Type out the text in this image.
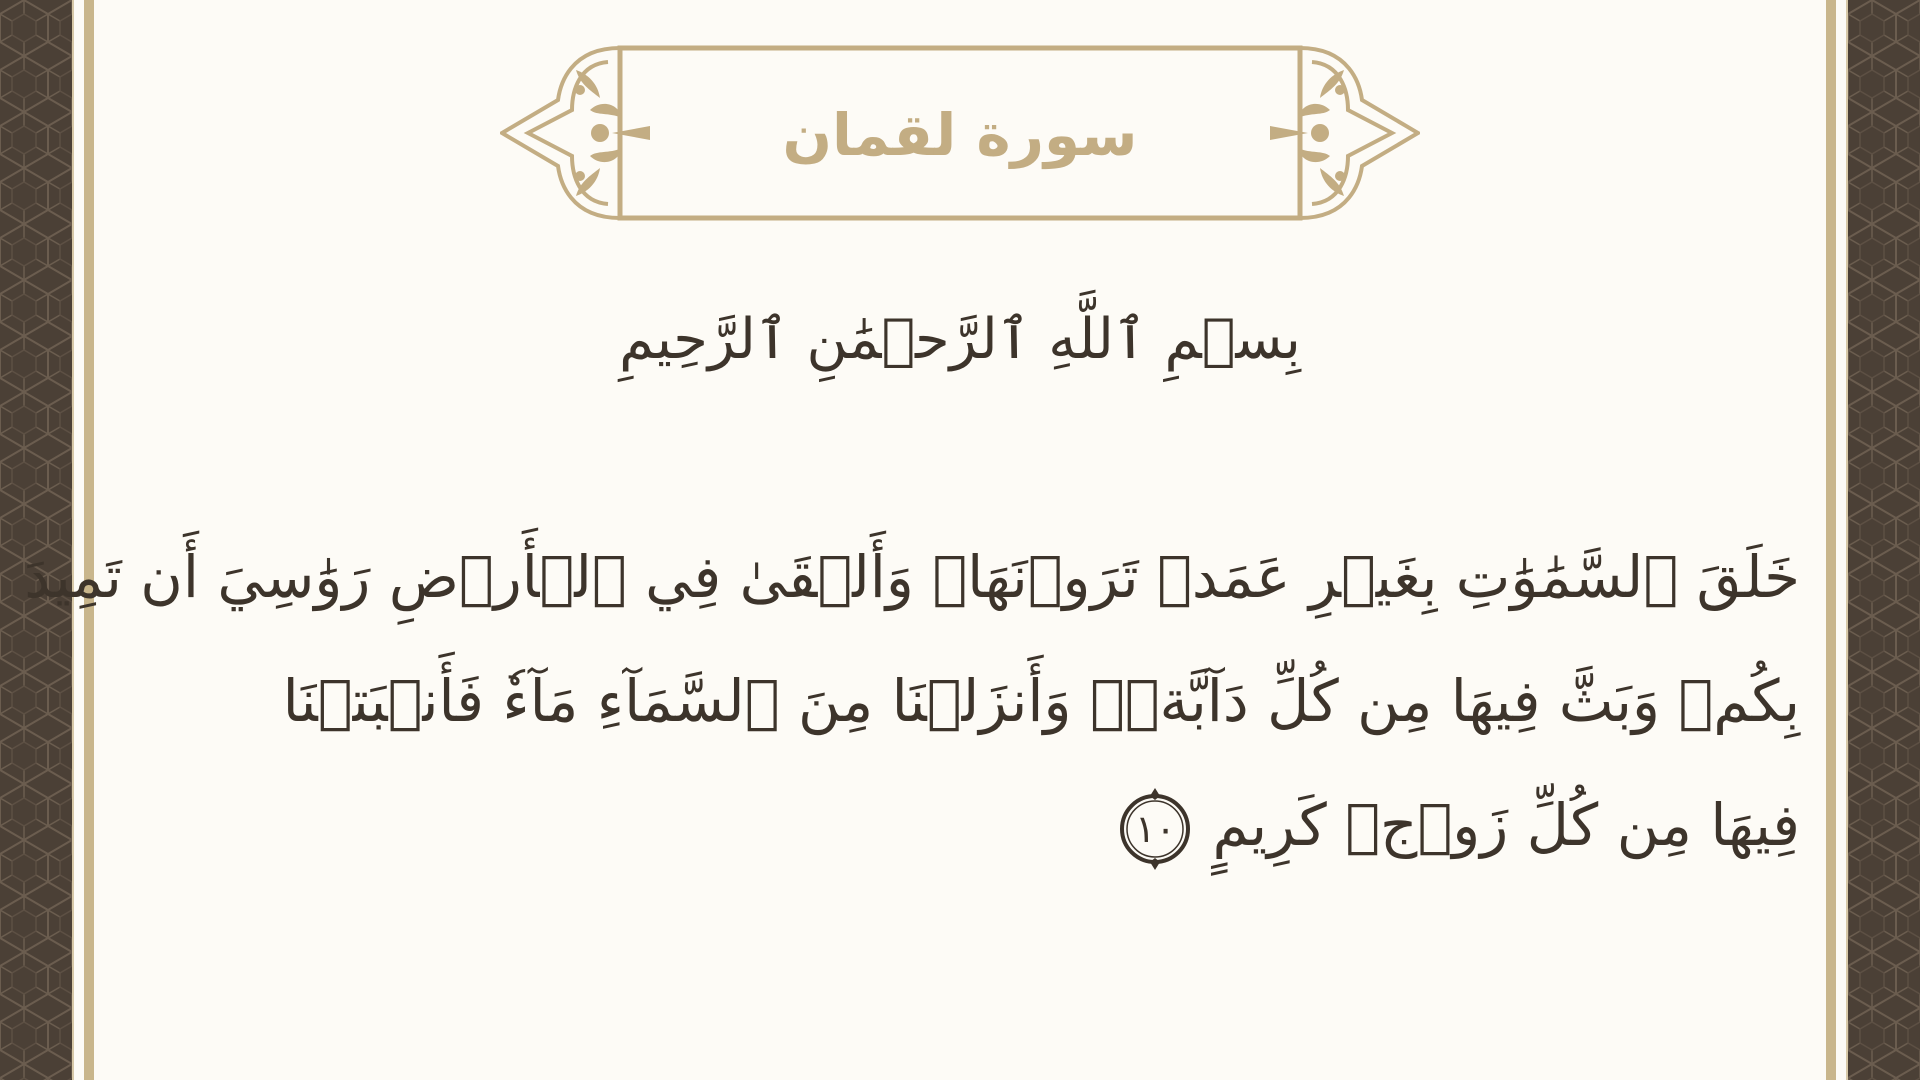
سورة لقمان
بِسۡمِ ٱللَّهِ ٱلرَّحۡمَٰنِ ٱلرَّحِيمِ
خَلَقَ ٱلسَّمَٰوَٰتِ بِغَيۡرِ عَمَدٖ تَرَوۡنَهَاۖ وَأَلۡقَىٰ فِي ٱلۡأَرۡضِ رَوَٰسِيَ أَن تَمِيدَ
بِكُمۡ وَبَثَّ فِيهَا مِن كُلِّ دَآبَّةٖۚ وَأَنزَلۡنَا مِنَ ٱلسَّمَآءِ مَآءٗ فَأَنۢبَتۡنَا
فِيهَا مِن كُلِّ زَوۡجٖ كَرِيمٍ
١٠
